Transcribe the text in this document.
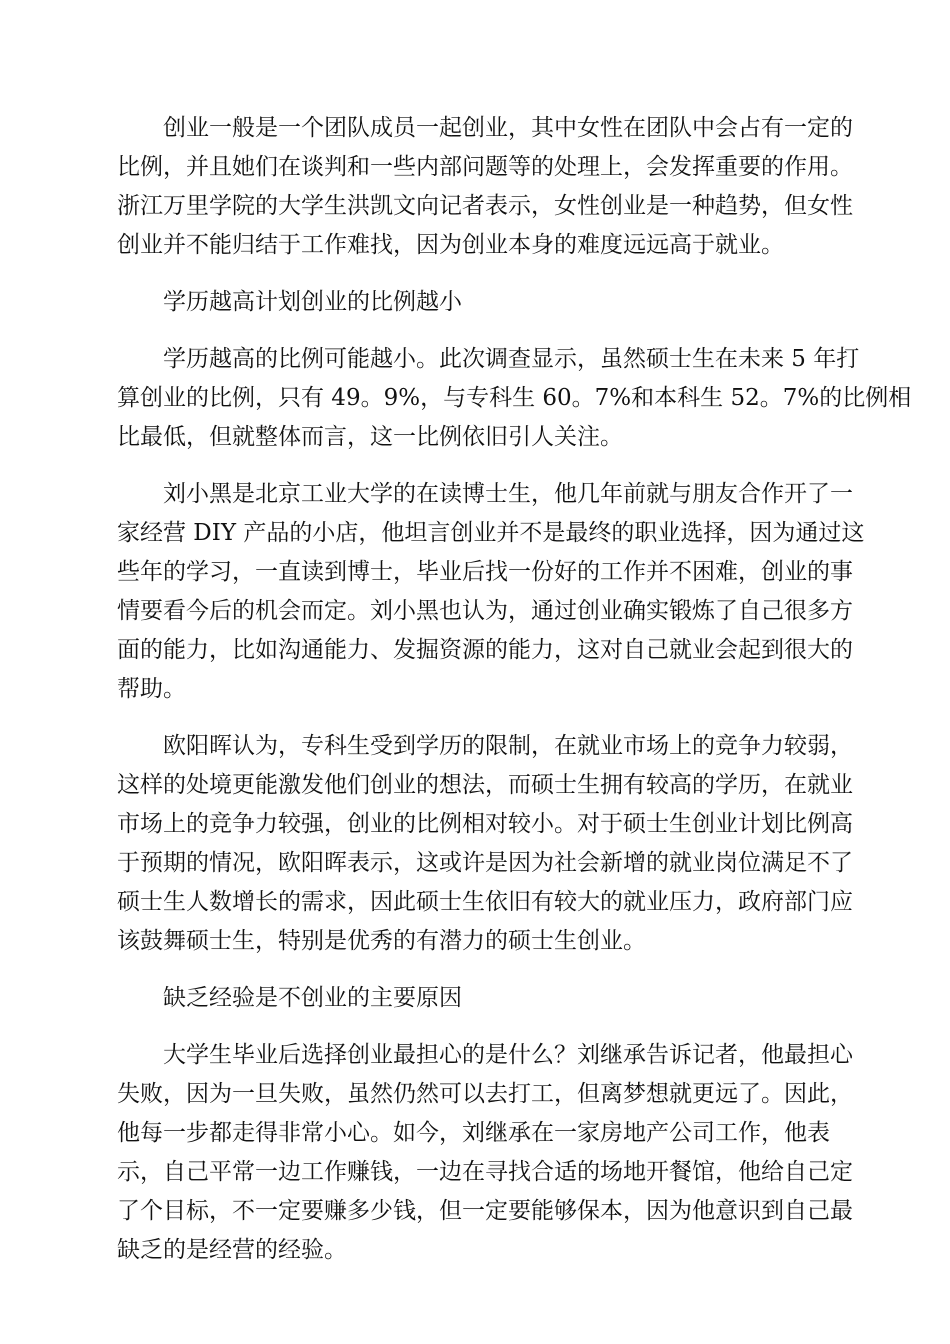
创业一般是一个团队成员一起创业，其中女性在团队中会占有一定的
比例，并且她们在谈判和一些内部问题等的处理上，会发挥重要的作用。
浙江万里学院的大学生洪凯文向记者表示，女性创业是一种趋势，但女性
创业并不能归结于工作难找，因为创业本身的难度远远高于就业。
学历越高计划创业的比例越小
学历越高的比例可能越小。此次调查显示，虽然硕士生在未来 5 年打
算创业的比例，只有 49。9%，与专科生 60。7%和本科生 52。7%的比例相
比最低，但就整体而言，这一比例依旧引人关注。
刘小黑是北京工业大学的在读博士生，他几年前就与朋友合作开了一
家经营 DIY 产品的小店，他坦言创业并不是最终的职业选择，因为通过这
些年的学习，一直读到博士，毕业后找一份好的工作并不困难，创业的事
情要看今后的机会而定。刘小黑也认为，通过创业确实锻炼了自己很多方
面的能力，比如沟通能力、发掘资源的能力，这对自己就业会起到很大的
帮助。
欧阳晖认为，专科生受到学历的限制，在就业市场上的竞争力较弱，
这样的处境更能激发他们创业的想法，而硕士生拥有较高的学历，在就业
市场上的竞争力较强，创业的比例相对较小。对于硕士生创业计划比例高
于预期的情况，欧阳晖表示，这或许是因为社会新增的就业岗位满足不了
硕士生人数增长的需求，因此硕士生依旧有较大的就业压力，政府部门应
该鼓舞硕士生，特别是优秀的有潜力的硕士生创业。
缺乏经验是不创业的主要原因
大学生毕业后选择创业最担心的是什么？刘继承告诉记者，他最担心
失败，因为一旦失败，虽然仍然可以去打工，但离梦想就更远了。因此，
他每一步都走得非常小心。如今，刘继承在一家房地产公司工作，他表
示，自己平常一边工作赚钱，一边在寻找合适的场地开餐馆，他给自己定
了个目标，不一定要赚多少钱，但一定要能够保本，因为他意识到自己最
缺乏的是经营的经验。
